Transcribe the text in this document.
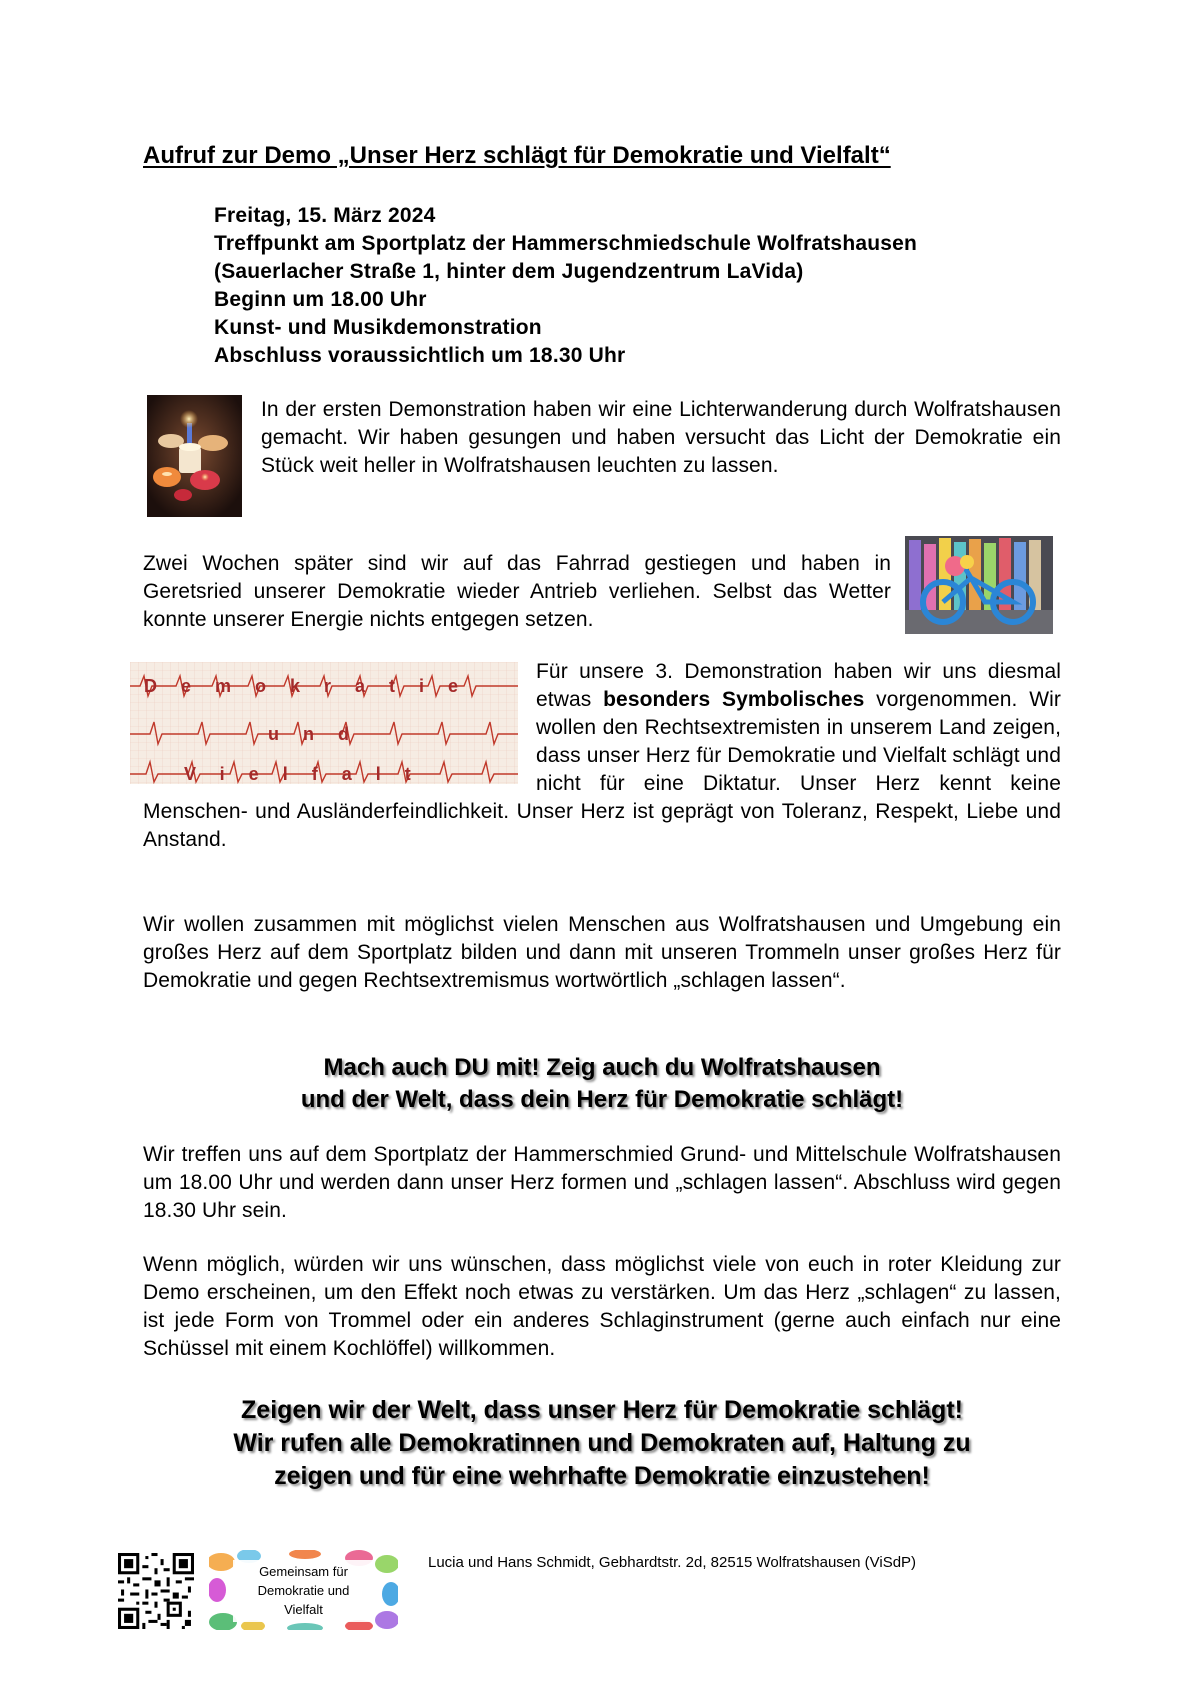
Aufruf zur Demo „Unser Herz schlägt für Demokratie und Vielfalt“
Freitag, 15. März 2024
Treffpunkt am Sportplatz der Hammerschmiedschule Wolfratshausen
(Sauerlacher Straße 1, hinter dem Jugendzentrum LaVida)
Beginn um 18.00 Uhr
Kunst- und Musikdemonstration
Abschluss voraussichtlich um 18.30 Uhr
In der ersten Demonstration haben wir eine Lichterwanderung durch Wolfratshausen gemacht. Wir haben gesungen und haben versucht das Licht der Demokratie ein Stück weit heller in Wolfratshausen leuchten zu lassen.
Zwei Wochen später sind wir auf das Fahrrad gestiegen und haben in Geretsried unserer Demokratie wieder Antrieb verliehen. Selbst das Wetter konnte unserer Energie nichts entgegen setzen.
Demokratie
und
Vielfalt
Für unsere 3. Demonstration haben wir uns diesmal etwas besonders Symbolisches vorgenommen. Wir wollen den Rechtsextremisten in unserem Land zeigen, dass unser Herz für Demokratie und Vielfalt schlägt und nicht für eine Diktatur. Unser Herz kennt keine Menschen- und Ausländerfeindlichkeit. Unser Herz ist geprägt von Toleranz, Respekt, Liebe und Anstand.
Wir wollen zusammen mit möglichst vielen Menschen aus Wolfratshausen und Umgebung ein großes Herz auf dem Sportplatz bilden und dann mit unseren Trommeln unser großes Herz für Demokratie und gegen Rechtsextremismus wortwörtlich „schlagen lassen“.
Mach auch DU mit! Zeig auch du Wolfratshausen
und der Welt, dass dein Herz für Demokratie schlägt!
Wir treffen uns auf dem Sportplatz der Hammerschmied Grund- und Mittelschule Wolfratshausen um 18.00 Uhr und werden dann unser Herz formen und „schlagen lassen“. Abschluss wird gegen 18.30 Uhr sein.
Wenn möglich, würden wir uns wünschen, dass möglichst viele von euch in roter Kleidung zur Demo erscheinen, um den Effekt noch etwas zu verstärken. Um das Herz „schlagen“ zu lassen, ist jede Form von Trommel oder ein anderes Schlaginstrument (gerne auch einfach nur eine Schüssel mit einem Kochlöffel) willkommen.
Zeigen wir der Welt, dass unser Herz für Demokratie schlägt!
Wir rufen alle Demokratinnen und Demokraten auf, Haltung zu
zeigen und für eine wehrhafte Demokratie einzustehen!
Gemeinsam für
Demokratie und
Vielfalt
Lucia und Hans Schmidt, Gebhardtstr. 2d, 82515 Wolfratshausen (ViSdP)
